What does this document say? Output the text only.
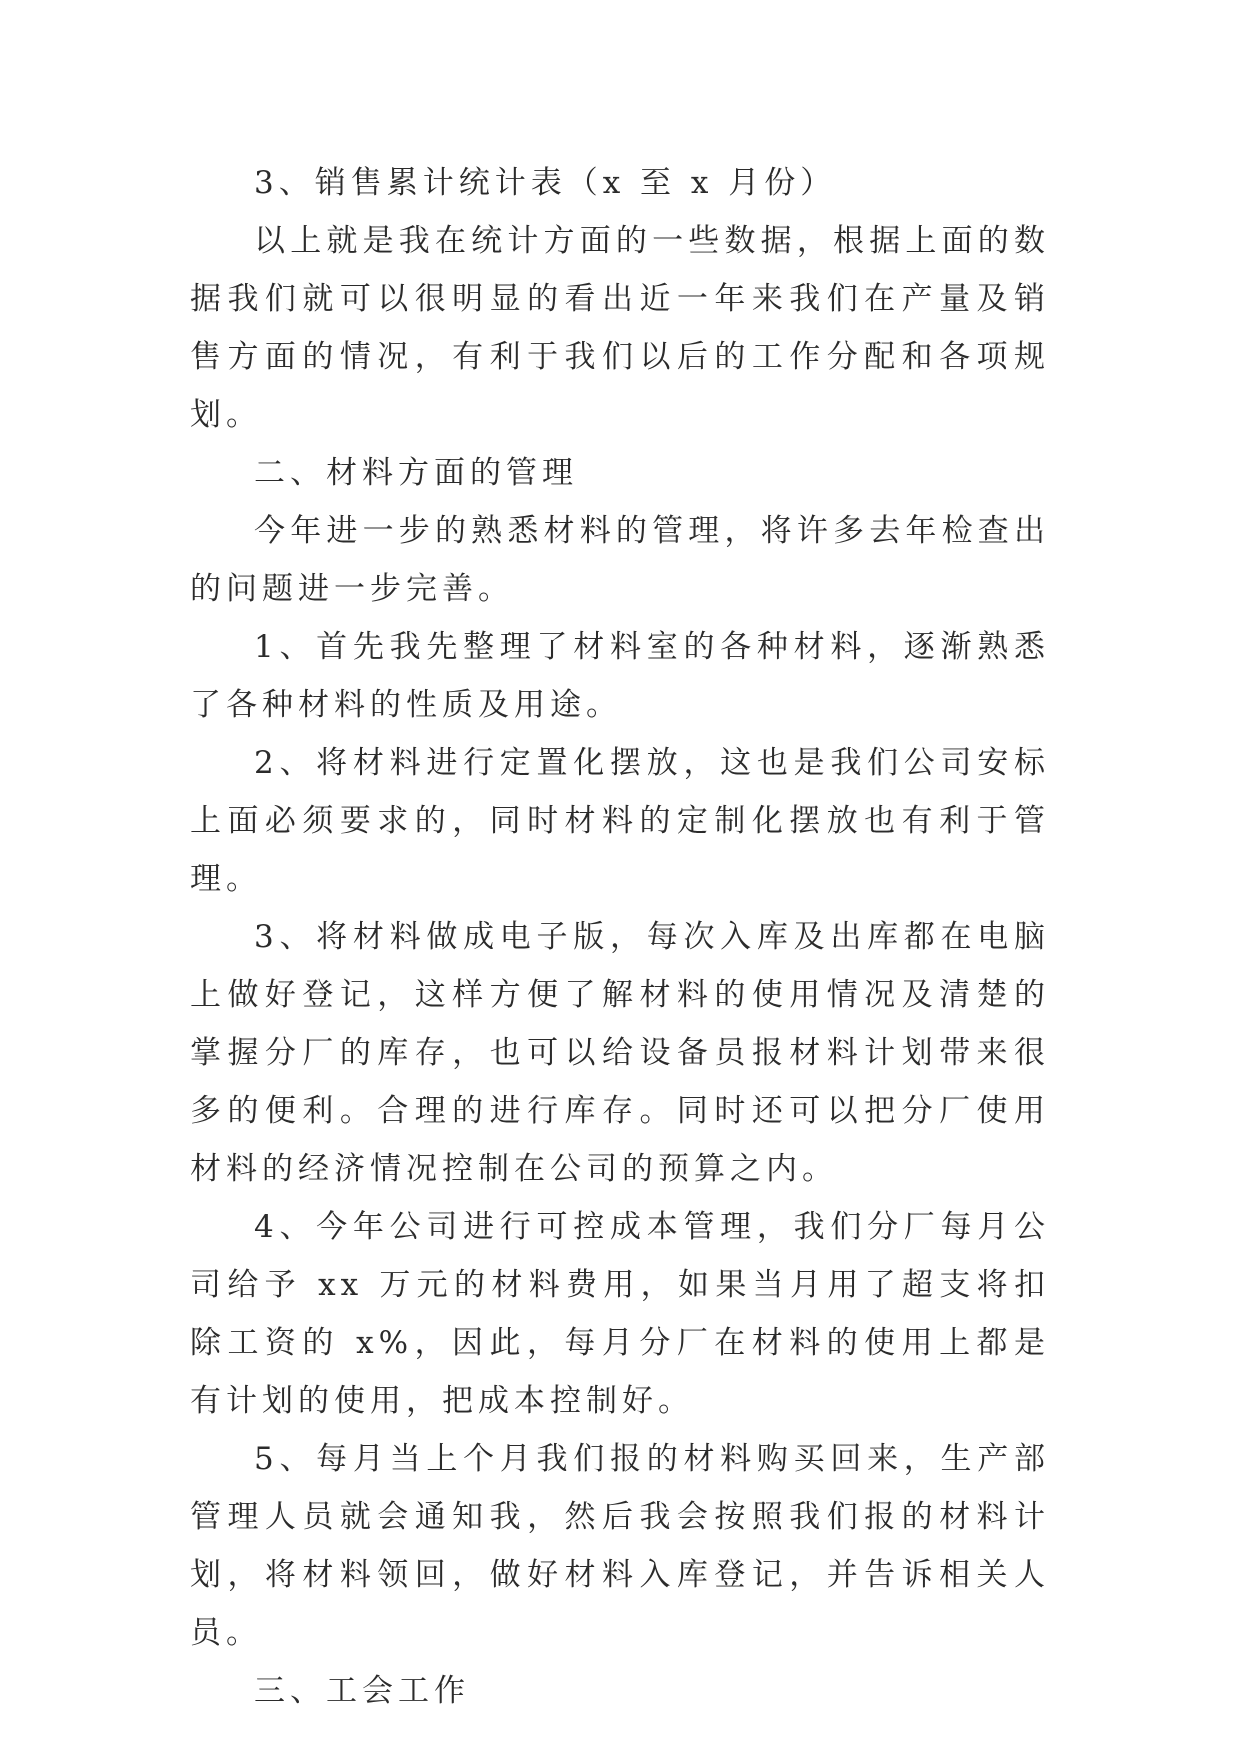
3、销售累计统计表（x 至 x 月份）

以上就是我在统计方面的一些数据，根据上面的数据我们就可以很明显的看出近一年来我们在产量及销售方面的情况，有利于我们以后的工作分配和各项规划。

二、材料方面的管理

今年进一步的熟悉材料的管理，将许多去年检查出的问题进一步完善。

1、首先我先整理了材料室的各种材料，逐渐熟悉了各种材料的性质及用途。

2、将材料进行定置化摆放，这也是我们公司安标上面必须要求的，同时材料的定制化摆放也有利于管理。

3、将材料做成电子版，每次入库及出库都在电脑上做好登记，这样方便了解材料的使用情况及清楚的掌握分厂的库存，也可以给设备员报材料计划带来很多的便利。合理的进行库存。同时还可以把分厂使用材料的经济情况控制在公司的预算之内。

4、今年公司进行可控成本管理，我们分厂每月公司给予 xx 万元的材料费用，如果当月用了超支将扣除工资的 x%，因此，每月分厂在材料的使用上都是有计划的使用，把成本控制好。

5、每月当上个月我们报的材料购买回来，生产部管理人员就会通知我，然后我会按照我们报的材料计划，将材料领回，做好材料入库登记，并告诉相关人员。

三、工会工作
